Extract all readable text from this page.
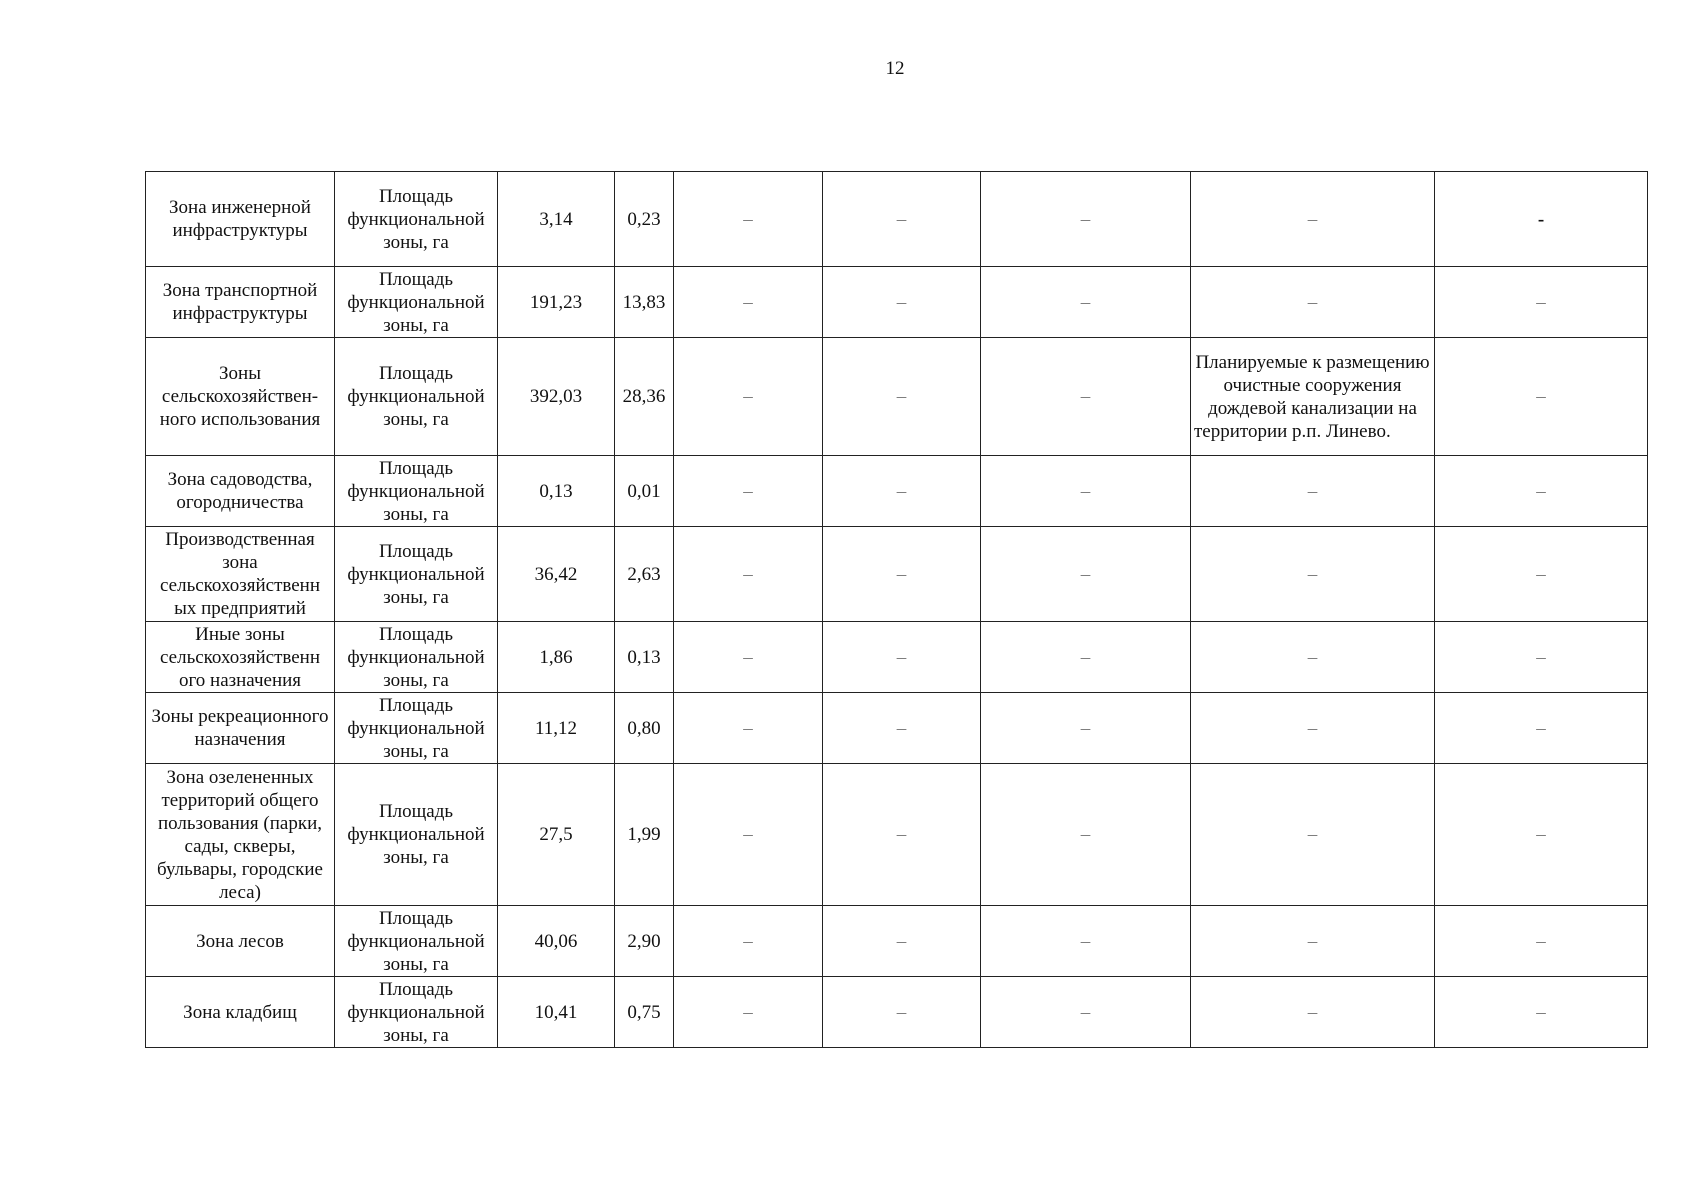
12
Зона инженерной инфраструктуры	Площадь функциональной зоны, га	3,14	0,23	–	–	–	–	-
Зона транспортной инфраструктуры	Площадь функциональной зоны, га	191,23	13,83	–	–	–	–	–
Зоны сельскохозяйствен-ного использования	Площадь функциональной зоны, га	392,03	28,36	–	–	–	Планируемые к размещению очистные сооружения дождевой канализации на территории р.п. Линево.	–
Зона садоводства, огородничества	Площадь функциональной зоны, га	0,13	0,01	–	–	–	–	–
Производственная зона сельскохозяйственн ых предприятий	Площадь функциональной зоны, га	36,42	2,63	–	–	–	–	–
Иные зоны сельскохозяйственн ого назначения	Площадь функциональной зоны, га	1,86	0,13	–	–	–	–	–
Зоны рекреационного назначения	Площадь функциональной зоны, га	11,12	0,80	–	–	–	–	–
Зона озелененных территорий общего пользования (парки, сады, скверы, бульвары, городские леса)	Площадь функциональной зоны, га	27,5	1,99	–	–	–	–	–
Зона лесов	Площадь функциональной зоны, га	40,06	2,90	–	–	–	–	–
Зона кладбищ	Площадь функциональной зоны, га	10,41	0,75	–	–	–	–	–
